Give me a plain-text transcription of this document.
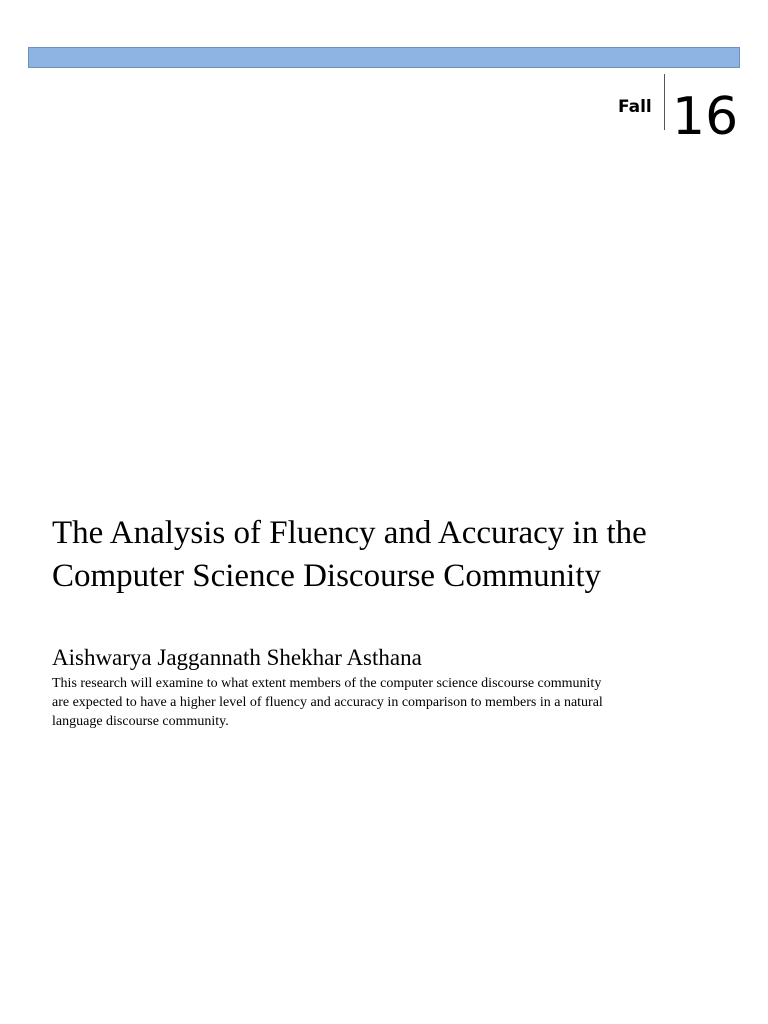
Fall 16
The Analysis of Fluency and Accuracy in the Computer Science Discourse Community
Aishwarya Jaggannath Shekhar Asthana

This research will examine to what extent members of the computer science discourse community are expected to have a higher level of fluency and accuracy in comparison to members in a natural language discourse community.
